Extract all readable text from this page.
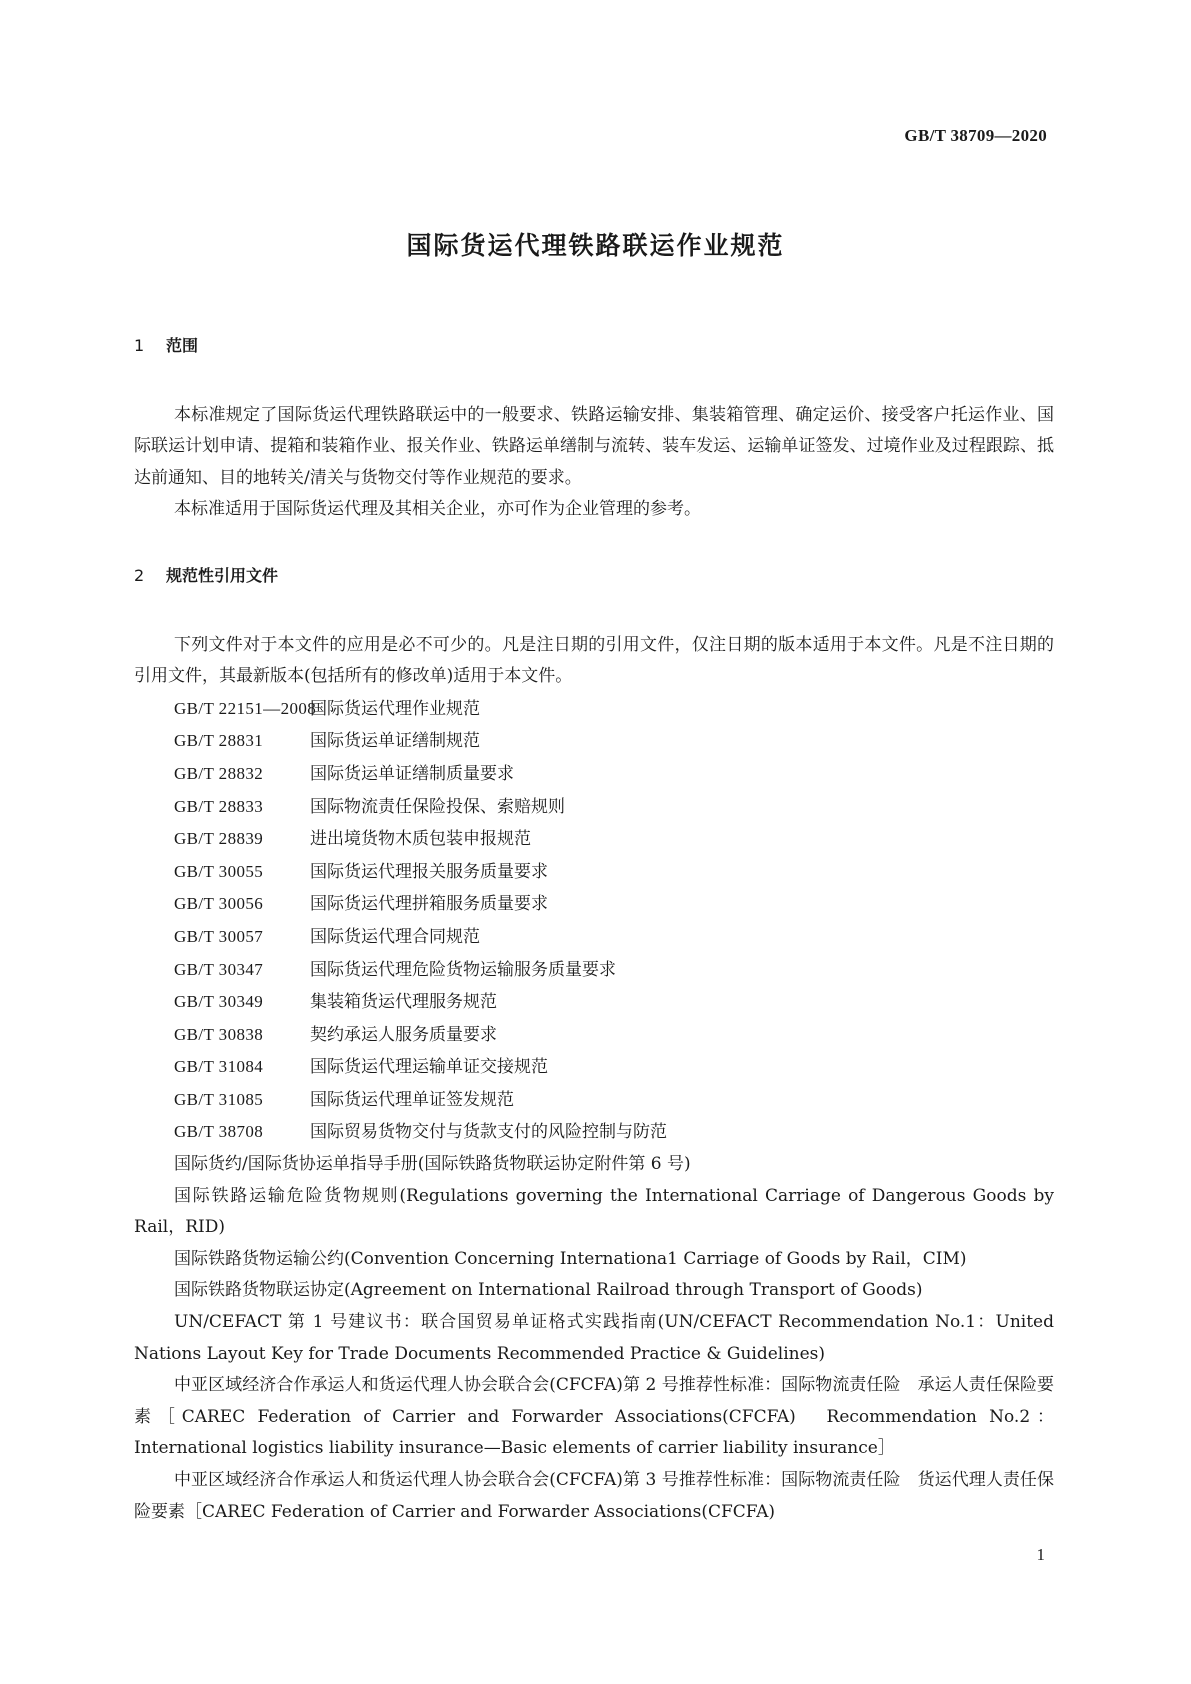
GB/T 38709—2020
国际货运代理铁路联运作业规范
1 范围

本标准规定了国际货运代理铁路联运中的一般要求、铁路运输安排、集装箱管理、确定运价、接受客户托运作业、国际联运计划申请、提箱和装箱作业、报关作业、铁路运单缮制与流转、装车发运、运输单证签发、过境作业及过程跟踪、抵达前通知、目的地转关/清关与货物交付等作业规范的要求。

本标准适用于国际货运代理及其相关企业，亦可作为企业管理的参考。

2 规范性引用文件

下列文件对于本文件的应用是必不可少的。凡是注日期的引用文件，仅注日期的版本适用于本文件。凡是不注日期的引用文件，其最新版本(包括所有的修改单)适用于本文件。

GB/T 22151—2008国际货运代理作业规范
GB/T 28831	国际货运单证缮制规范
GB/T 28832	国际货运单证缮制质量要求
GB/T 28833	国际物流责任保险投保、索赔规则
GB/T 28839	进出境货物木质包装申报规范
GB/T 30055	国际货运代理报关服务质量要求
GB/T 30056	国际货运代理拼箱服务质量要求
GB/T 30057	国际货运代理合同规范
GB/T 30347	国际货运代理危险货物运输服务质量要求
GB/T 30349	集装箱货运代理服务规范
GB/T 30838	契约承运人服务质量要求
GB/T 31084	国际货运代理运输单证交接规范
GB/T 31085	国际货运代理单证签发规范
GB/T 38708	国际贸易货物交付与货款支付的风险控制与防范

国际货约/国际货协运单指导手册(国际铁路货物联运协定附件第 6 号)

国际铁路运输危险货物规则(Regulations governing the International Carriage of Dangerous Goods by Rail，RID)

国际铁路货物运输公约(Convention Concerning Internationa1 Carriage of Goods by Rail，CIM)

国际铁路货物联运协定(Agreement on International Railroad through Transport of Goods)

UN/CEFACT 第 1 号建议书：联合国贸易单证格式实践指南(UN/CEFACT Recommendation No.1：United Nations Layout Key for Trade Documents Recommended Practice & Guidelines)

中亚区域经济合作承运人和货运代理人协会联合会(CFCFA)第 2 号推荐性标准：国际物流责任险　承运人责任保险要素［CAREC Federation of Carrier and Forwarder Associations(CFCFA)　Recommendation No.2：International logistics liability insurance—Basic elements of carrier liability insurance］

中亚区域经济合作承运人和货运代理人协会联合会(CFCFA)第 3 号推荐性标准：国际物流责任险　货运代理人责任保险要素［CAREC Federation of Carrier and Forwarder Associations(CFCFA)

1
